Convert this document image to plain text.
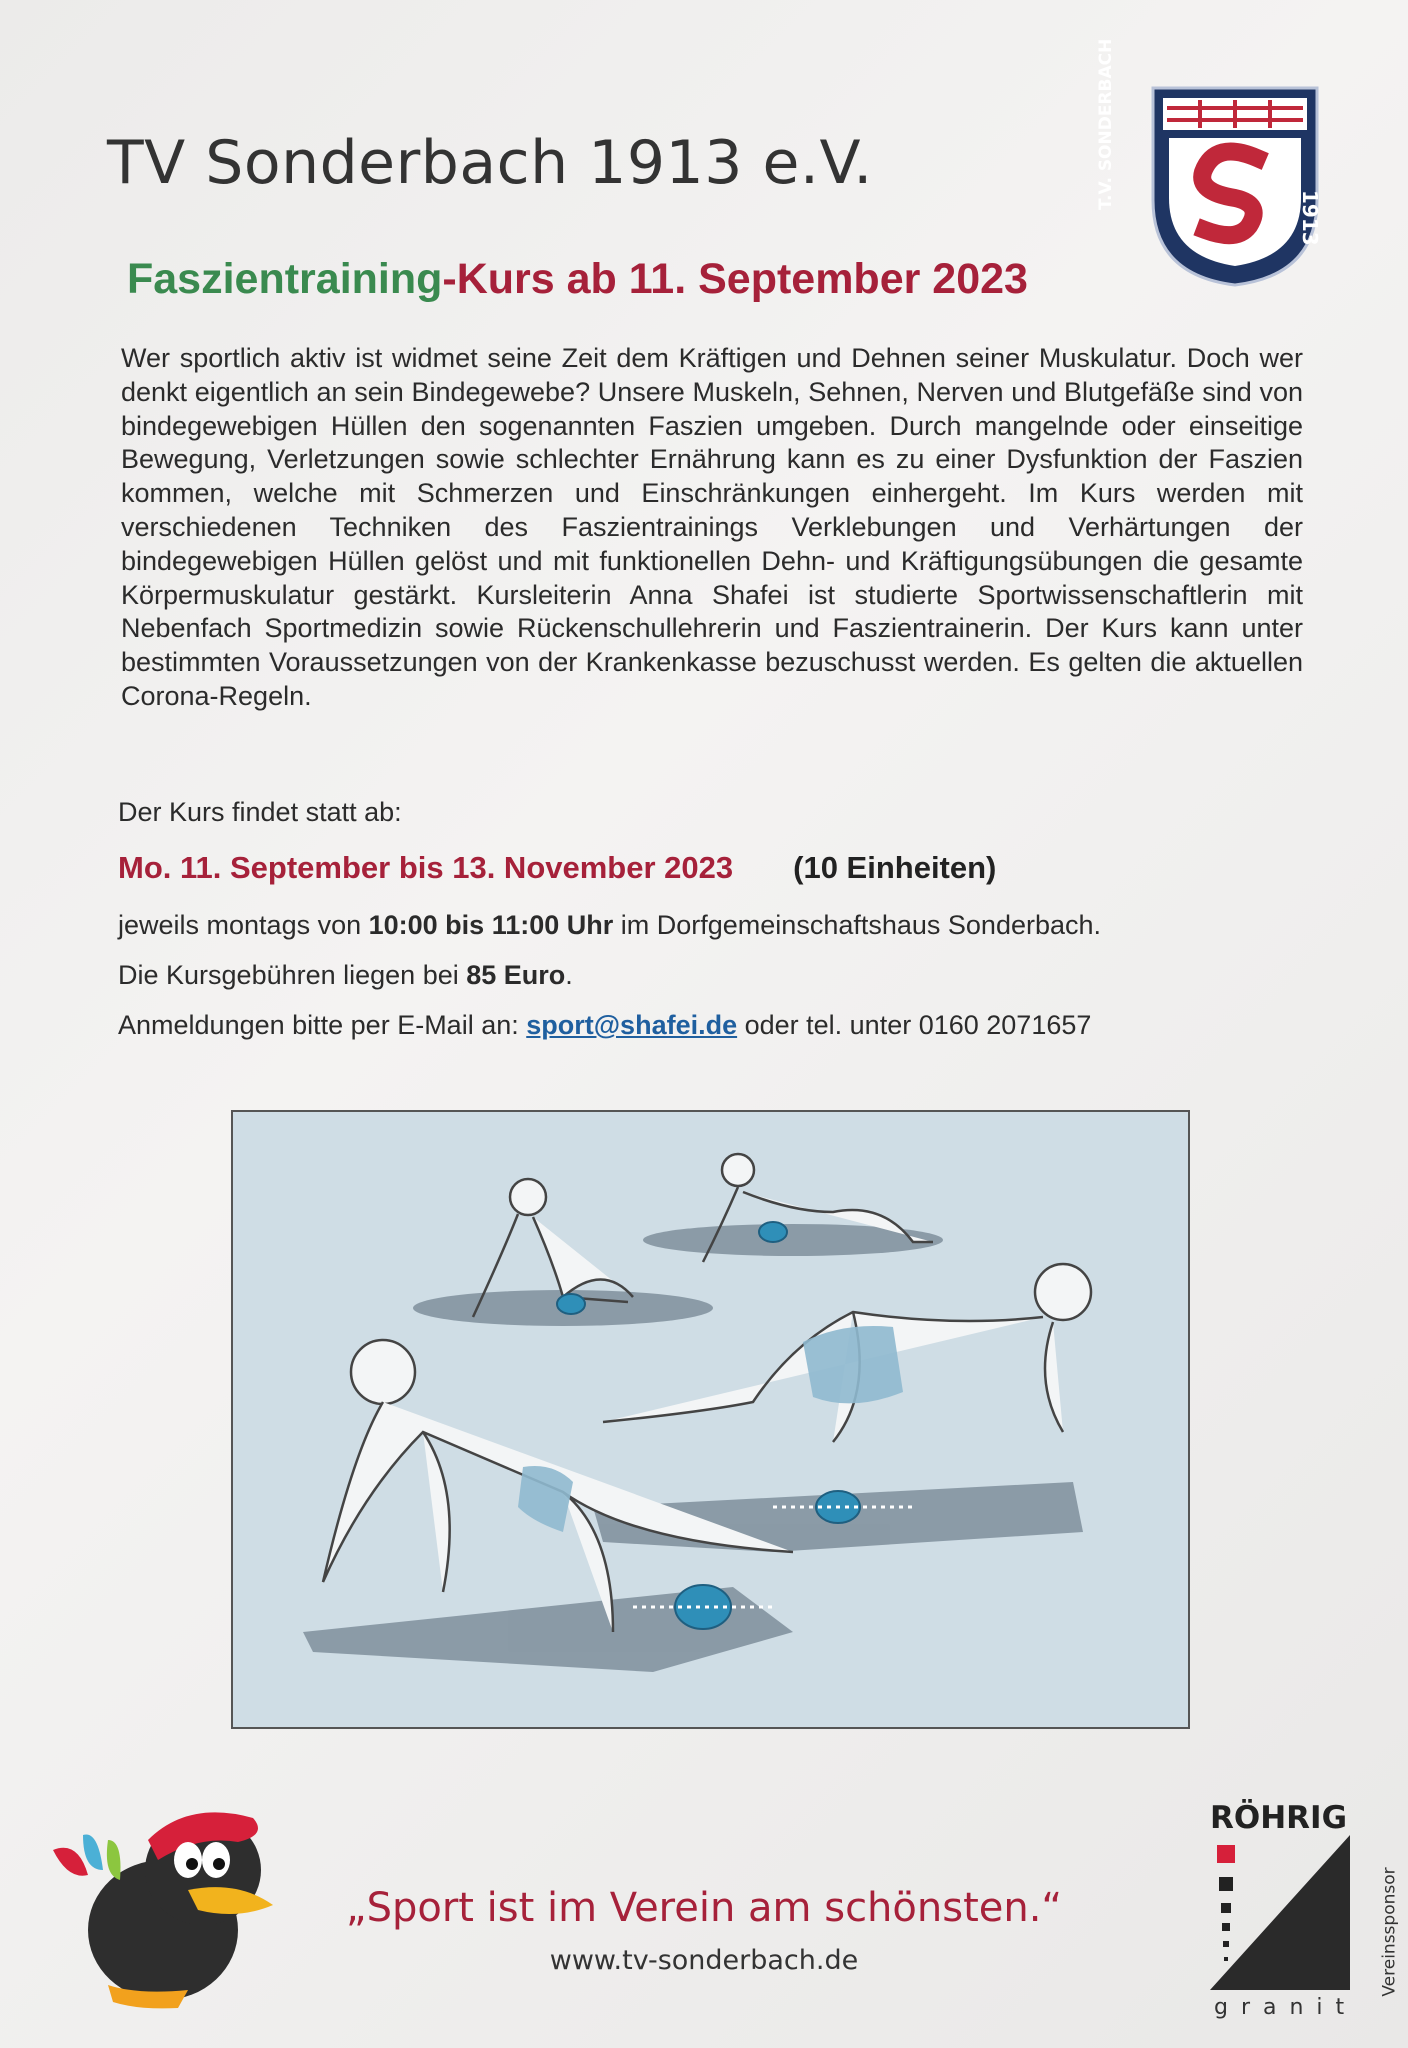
TV Sonderbach 1913 e.V.
1913
T.V. SONDERBACH
Faszientraining-Kurs ab 11. September 2023
Wer sportlich aktiv ist widmet seine Zeit dem Kräftigen und Dehnen seiner Muskulatur. Doch wer denkt eigentlich an sein Bindegewebe? Unsere Muskeln, Sehnen, Nerven und Blutgefäße sind von bindegewebigen Hüllen den sogenannten Faszien umgeben. Durch mangelnde oder einseitige Bewegung, Verletzungen sowie schlechter Ernährung kann es zu einer Dysfunktion der Faszien kommen, welche mit Schmerzen und Einschränkungen einhergeht. Im Kurs werden mit verschiedenen Techniken des Faszientrainings Verklebungen und Verhärtungen der bindegewebigen Hüllen gelöst und mit funktionellen Dehn- und Kräftigungsübungen die gesamte Körpermuskulatur gestärkt. Kursleiterin Anna Shafei ist studierte Sportwissenschaftlerin mit Nebenfach Sportmedizin sowie Rückenschullehrerin und Faszientrainerin. Der Kurs kann unter bestimmten Voraussetzungen von der Krankenkasse bezuschusst werden. Es gelten die aktuellen Corona-Regeln.
Der Kurs findet statt ab:
Mo. 11. September bis 13. November 2023 (10 Einheiten)
jeweils montags von 10:00 bis 11:00 Uhr im Dorfgemeinschaftshaus Sonderbach.
Die Kursgebühren liegen bei 85 Euro.
Anmeldungen bitte per E-Mail an: sport@shafei.de oder tel. unter 0160 2071657
„Sport ist im Verein am schönsten.“
www.tv-sonderbach.de
RÖHRIG
granit
Vereinssponsor
